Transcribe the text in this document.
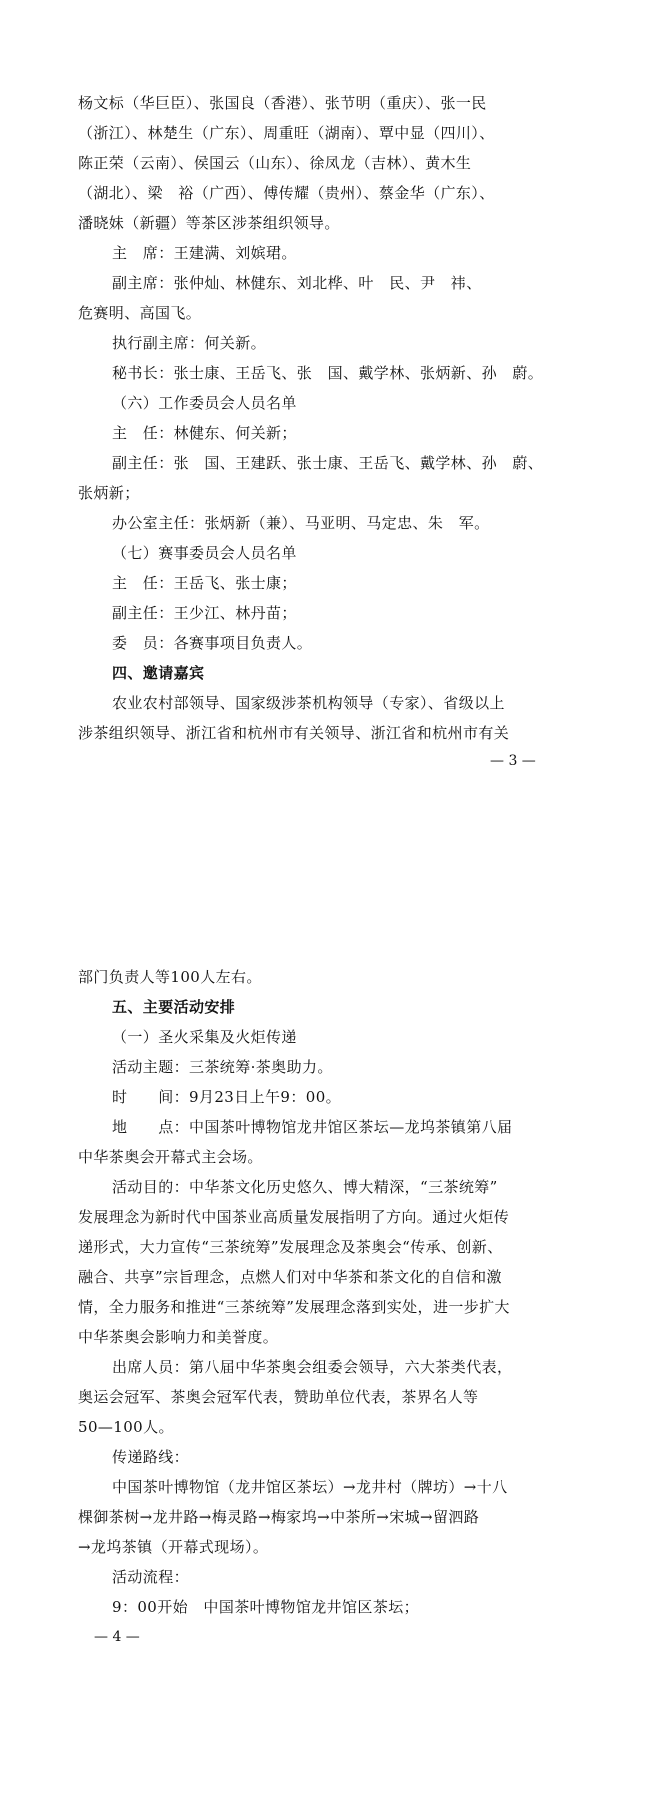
杨文标（华巨臣）、张国良（香港）、张节明（重庆）、张一民
（浙江）、林楚生（广东）、周重旺（湖南）、覃中显（四川）、
陈正荣（云南）、侯国云（山东）、徐凤龙（吉林）、黄木生
（湖北）、梁　裕（广西）、傅传耀（贵州）、蔡金华（广东）、
潘晓妹（新疆）等茶区涉茶组织领导。
主　席：王建满、刘嫔珺。
副主席：张仲灿、林健东、刘北桦、叶　民、尹　祎、
危赛明、高国飞。
执行副主席：何关新。
秘书长：张士康、王岳飞、张　国、戴学林、张炳新、孙　蔚。
（六）工作委员会人员名单
主　任：林健东、何关新；
副主任：张　国、王建跃、张士康、王岳飞、戴学林、孙　蔚、
张炳新；
办公室主任：张炳新（兼）、马亚明、马定忠、朱　军。
（七）赛事委员会人员名单
主　任：王岳飞、张士康；
副主任：王少江、林丹苗；
委　员：各赛事项目负责人。
四、邀请嘉宾
农业农村部领导、国家级涉茶机构领导（专家）、省级以上
涉茶组织领导、浙江省和杭州市有关领导、浙江省和杭州市有关
— 3 —
部门负责人等100人左右。
五、主要活动安排
（一）圣火采集及火炬传递
活动主题：三茶统筹·茶奥助力。
时　　间：9月23日上午9：00。
地　　点：中国茶叶博物馆龙井馆区茶坛—龙坞茶镇第八届
中华茶奥会开幕式主会场。
活动目的：中华茶文化历史悠久、博大精深，“三茶统筹”
发展理念为新时代中国茶业高质量发展指明了方向。通过火炬传
递形式，大力宣传“三茶统筹”发展理念及茶奥会“传承、创新、
融合、共享”宗旨理念，点燃人们对中华茶和茶文化的自信和激
情，全力服务和推进“三茶统筹”发展理念落到实处，进一步扩大
中华茶奥会影响力和美誉度。
出席人员：第八届中华茶奥会组委会领导，六大茶类代表，
奥运会冠军、茶奥会冠军代表，赞助单位代表，茶界名人等
50—100人。
传递路线：
中国茶叶博物馆（龙井馆区茶坛）→龙井村（牌坊）→十八
棵御茶树→龙井路→梅灵路→梅家坞→中茶所→宋城→留泗路
→龙坞茶镇（开幕式现场）。
活动流程：
9：00开始　中国茶叶博物馆龙井馆区茶坛；
— 4 —
